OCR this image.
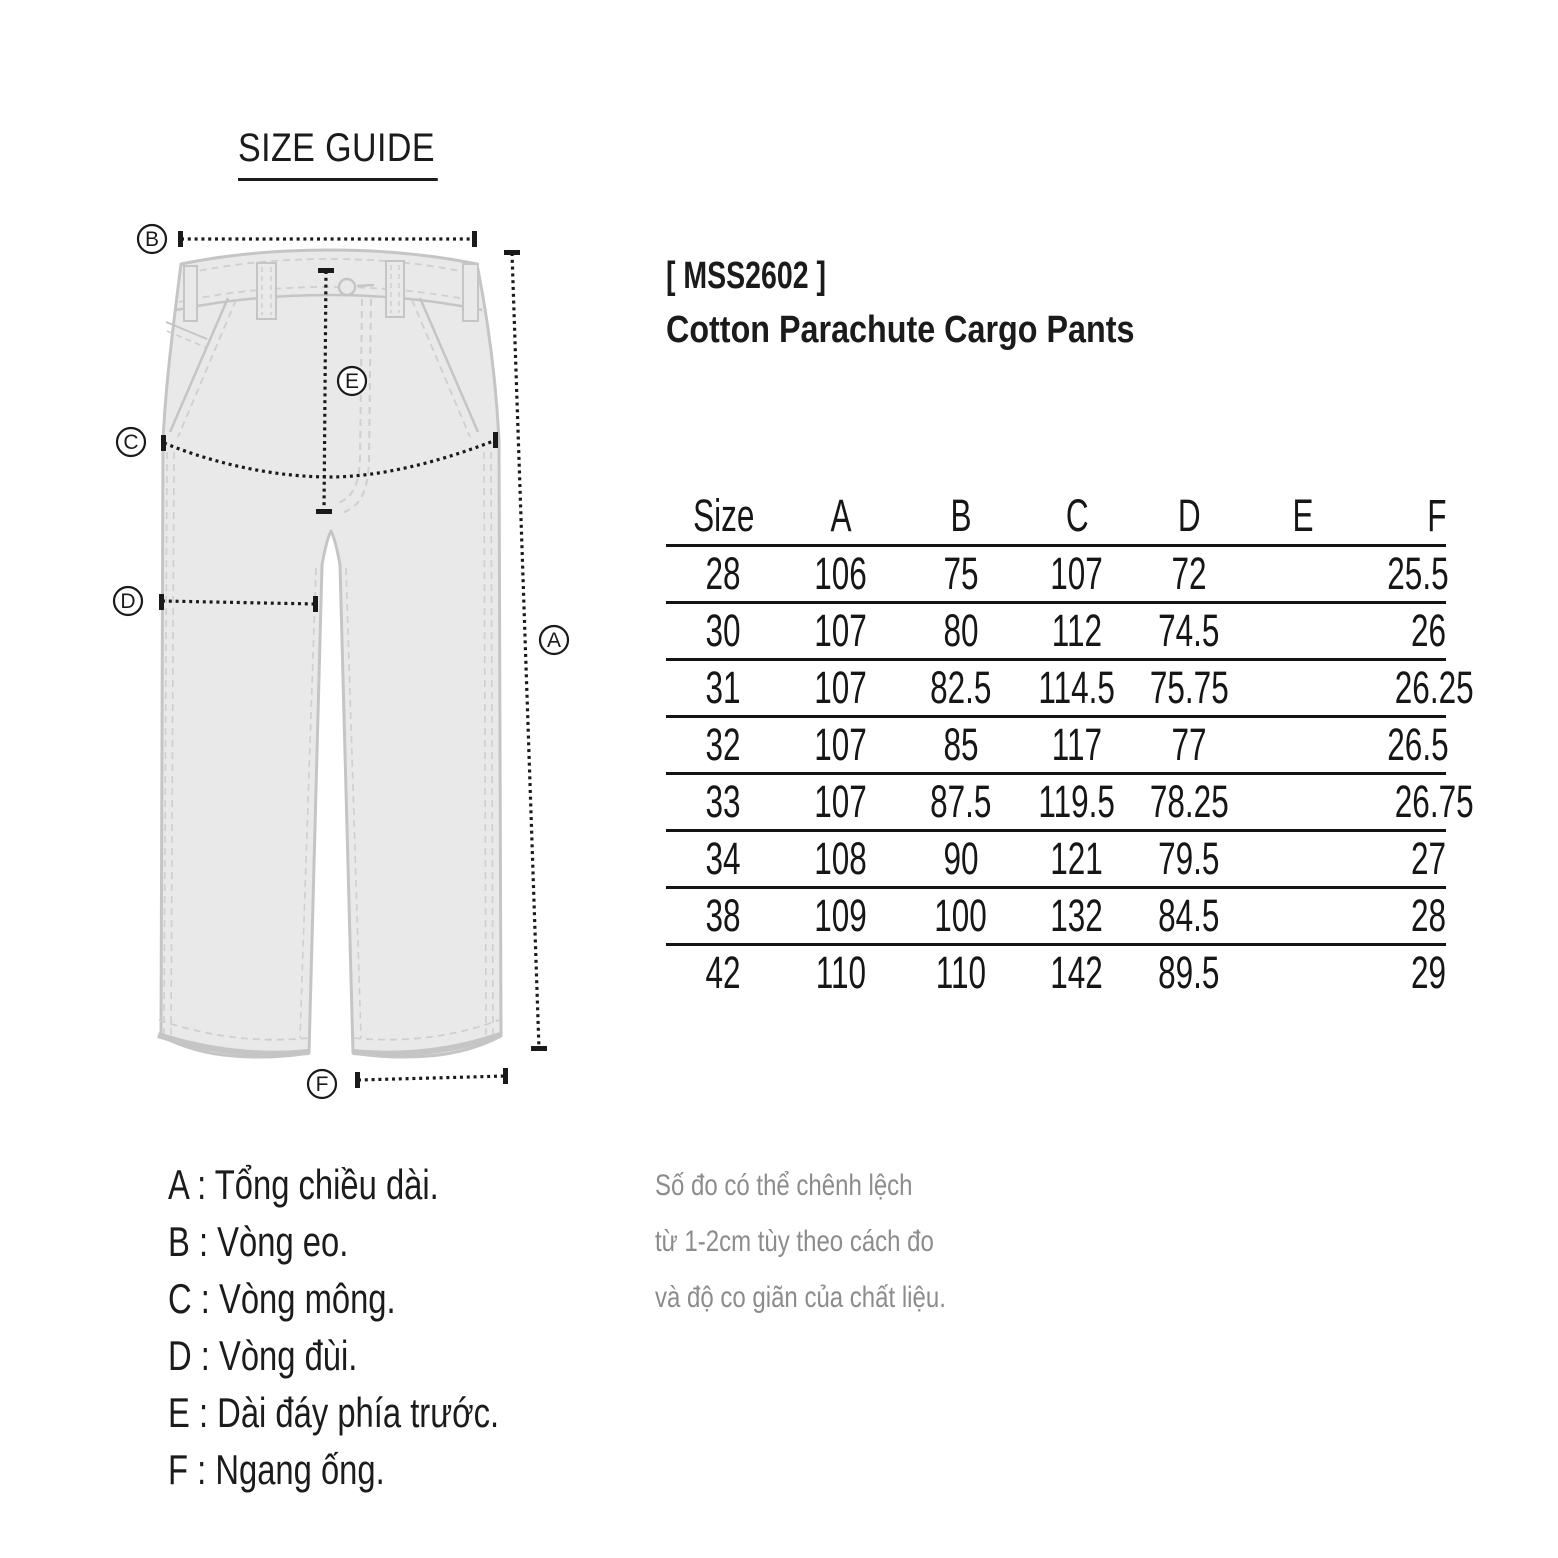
SIZE GUIDE
B
A
E
C
D
F
[ MSS2602 ]
Cotton Parachute Cargo Pants
Size	A	B	C	D	E	F
28	106	75	107	72		25.5
30	107	80	112	74.5		26
31	107	82.5	114.5	75.75		26.25
32	107	85	117	77		26.5
33	107	87.5	119.5	78.25		26.75
34	108	90	121	79.5		27
38	109	100	132	84.5		28
42	110	110	142	89.5		29
A : Tổng chiều dài.
B : Vòng eo.
C : Vòng mông.
D : Vòng đùi.
E : Dài đáy phía trước.
F : Ngang ống.
Số đo có thể chênh lệch
từ 1-2cm tùy theo cách đo
và độ co giãn của chất liệu.
